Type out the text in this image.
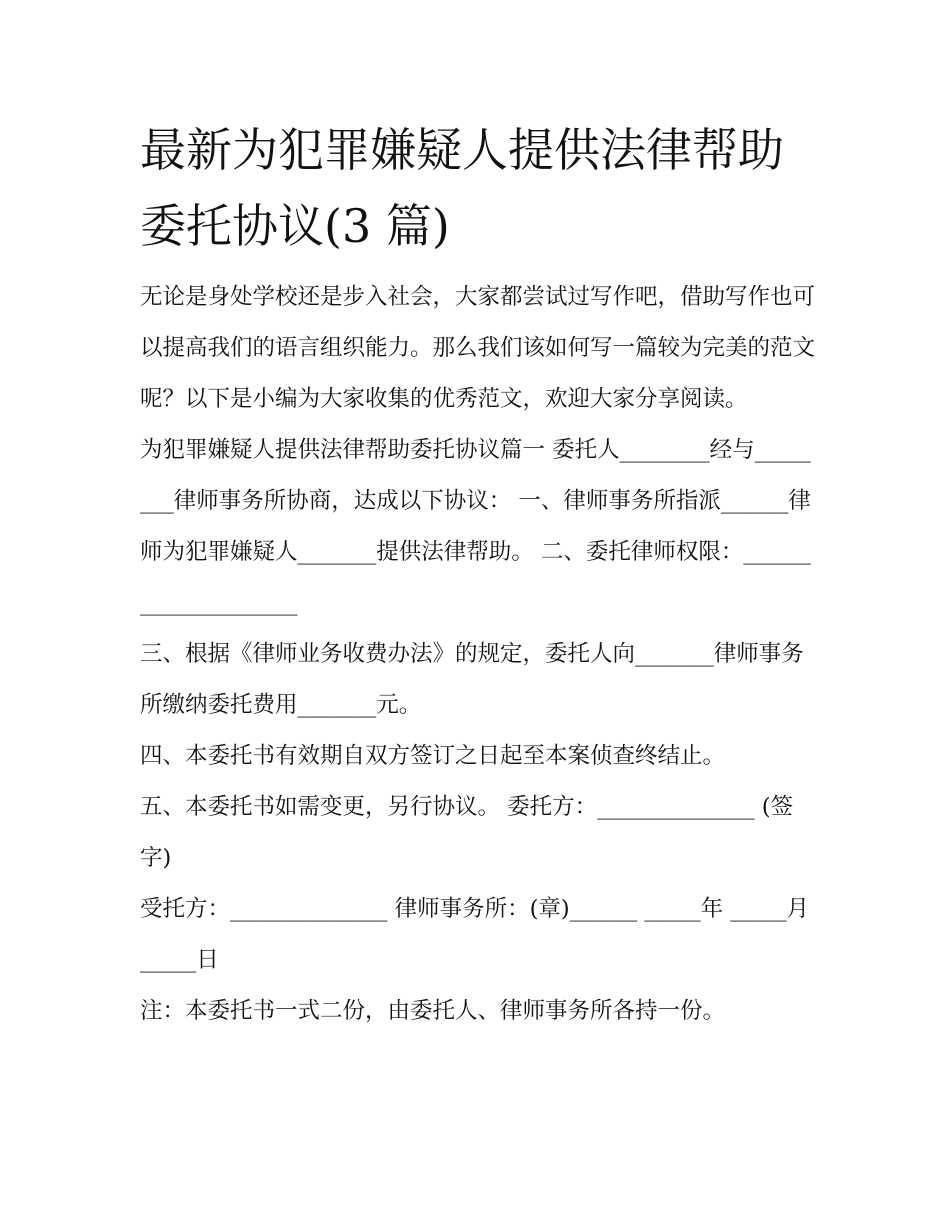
最新为犯罪嫌疑人提供法律帮助委托协议(3 篇)

无论是身处学校还是步入社会，大家都尝试过写作吧，借助写作也可以提高我们的语言组织能力。那么我们该如何写一篇较为完美的范文呢？以下是小编为大家收集的优秀范文，欢迎大家分享阅读。

为犯罪嫌疑人提供法律帮助委托协议篇一 委托人________经与________律师事务所协商，达成以下协议： 一、律师事务所指派______律师为犯罪嫌疑人_______提供法律帮助。 二、委托律师权限：____________________

三、根据《律师业务收费办法》的规定，委托人向_______律师事务所缴纳委托费用_______元。

四、本委托书有效期自双方签订之日起至本案侦查终结止。

五、本委托书如需变更，另行协议。 委托方：______________ (签字)

受托方：______________ 律师事务所：(章)______ _____年 _____月_____日

注：本委托书一式二份，由委托人、律师事务所各持一份。
